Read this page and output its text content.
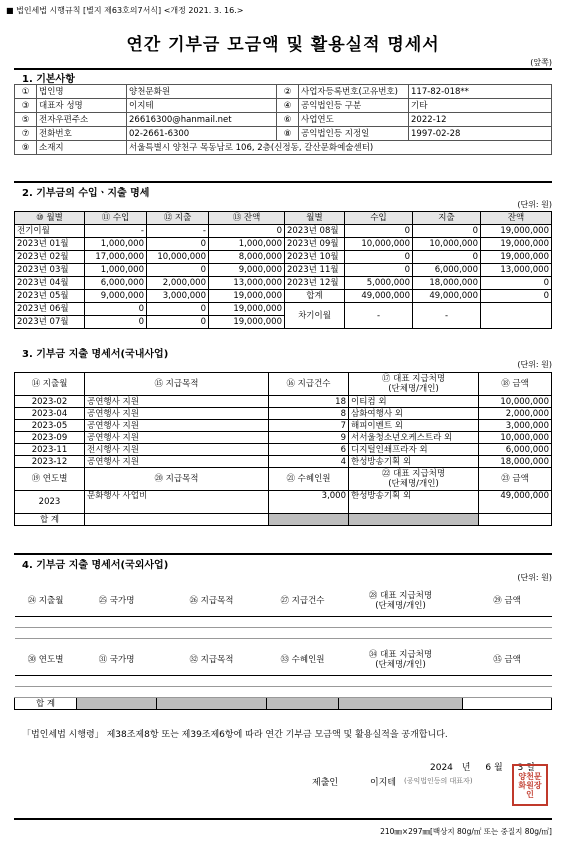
■ 법인세법 시행규칙 [별지 제63호의7서식] <개정 2021. 3. 16.>
연간 기부금 모금액 및 활용실적 명세서
(앞쪽)
1. 기본사항
①	법인명	양천문화원	②	사업자등록번호(고유번호)	117-82-018**
③	대표자 성명	이지테	④	공익법인등 구분	기타
⑤	전자우편주소	26616300@hanmail.net	⑥	사업연도	2022-12
⑦	전화번호	02-2661-6300	⑧	공익법인등 지정일	1997-02-28
⑨	소재지	서울특별시 양천구 목동남로 106, 2층(신정동, 갈산문화예술센터)			
2. 기부금의 수입ㆍ지출 명세
(단위: 원)
⑩ 월별	⑪ 수입	⑫ 지출	⑬ 잔액	월별	수입	지출	잔액
전기이월	-	-	0	2023년 08월	0	0	19,000,000
2023년 01월	1,000,000	0	1,000,000	2023년 09월	10,000,000	10,000,000	19,000,000
2023년 02월	17,000,000	10,000,000	8,000,000	2023년 10월	0	0	19,000,000
2023년 03월	1,000,000	0	9,000,000	2023년 11월	0	6,000,000	13,000,000
2023년 04월	6,000,000	2,000,000	13,000,000	2023년 12월	5,000,000	18,000,000	0
2023년 05월	9,000,000	3,000,000	19,000,000	합계	49,000,000	49,000,000	0
2023년 06월	0	0	19,000,000	차기이월	-	-	
2023년 07월	0	0	19,000,000				
3. 기부금 지출 명세서(국내사업)
(단위: 원)
⑭ 지출월	⑮ 지급목적	⑯ 지급건수	⑰ 대표 지급처명
(단체명/개인)	⑱ 금액
2023-02	공연행사 지원	18	이티컴 외	10,000,000
2023-04	공연행사 지원	8	삼화여행사 외	2,000,000
2023-05	공연행사 지원	7	해피이벤트 외	3,000,000
2023-09	공연행사 지원	9	서서울청소년오케스트라 외	10,000,000
2023-11	전시행사 지원	6	디지털인쇄프라자 외	6,000,000
2023-12	공연행사 지원	4	한성방송기획 외	18,000,000
⑲ 연도별	⑳ 지급목적	㉑ 수혜인원	㉒ 대표 지급처명
(단체명/개인)	㉓ 금액
2023	문화행사 사업비	3,000	한성방송기획 외	49,000,000
합 계				
4. 기부금 지출 명세서(국외사업)
(단위: 원)
㉔ 지출월	㉕ 국가명	㉖ 지급목적	㉗ 지급건수	㉘ 대표 지급처명
(단체명/개인)	㉙ 금액

㉚ 연도별	㉛ 국가명	㉜ 지급목적	㉝ 수혜인원	㉞ 대표 지급처명
(단체명/개인)	㉟ 금액

합 계					
「법인세법 시행령」 제38조제8항 또는 제39조제6항에 따라 연간 기부금 모금액 및 활용실적을 공개합니다.
2024 년 6 월 3 일
제출인	이지테 (공익법인등의 대표자)
양천문화원장인
210㎜×297㎜[백상지 80g/㎡ 또는 중질지 80g/㎡]
